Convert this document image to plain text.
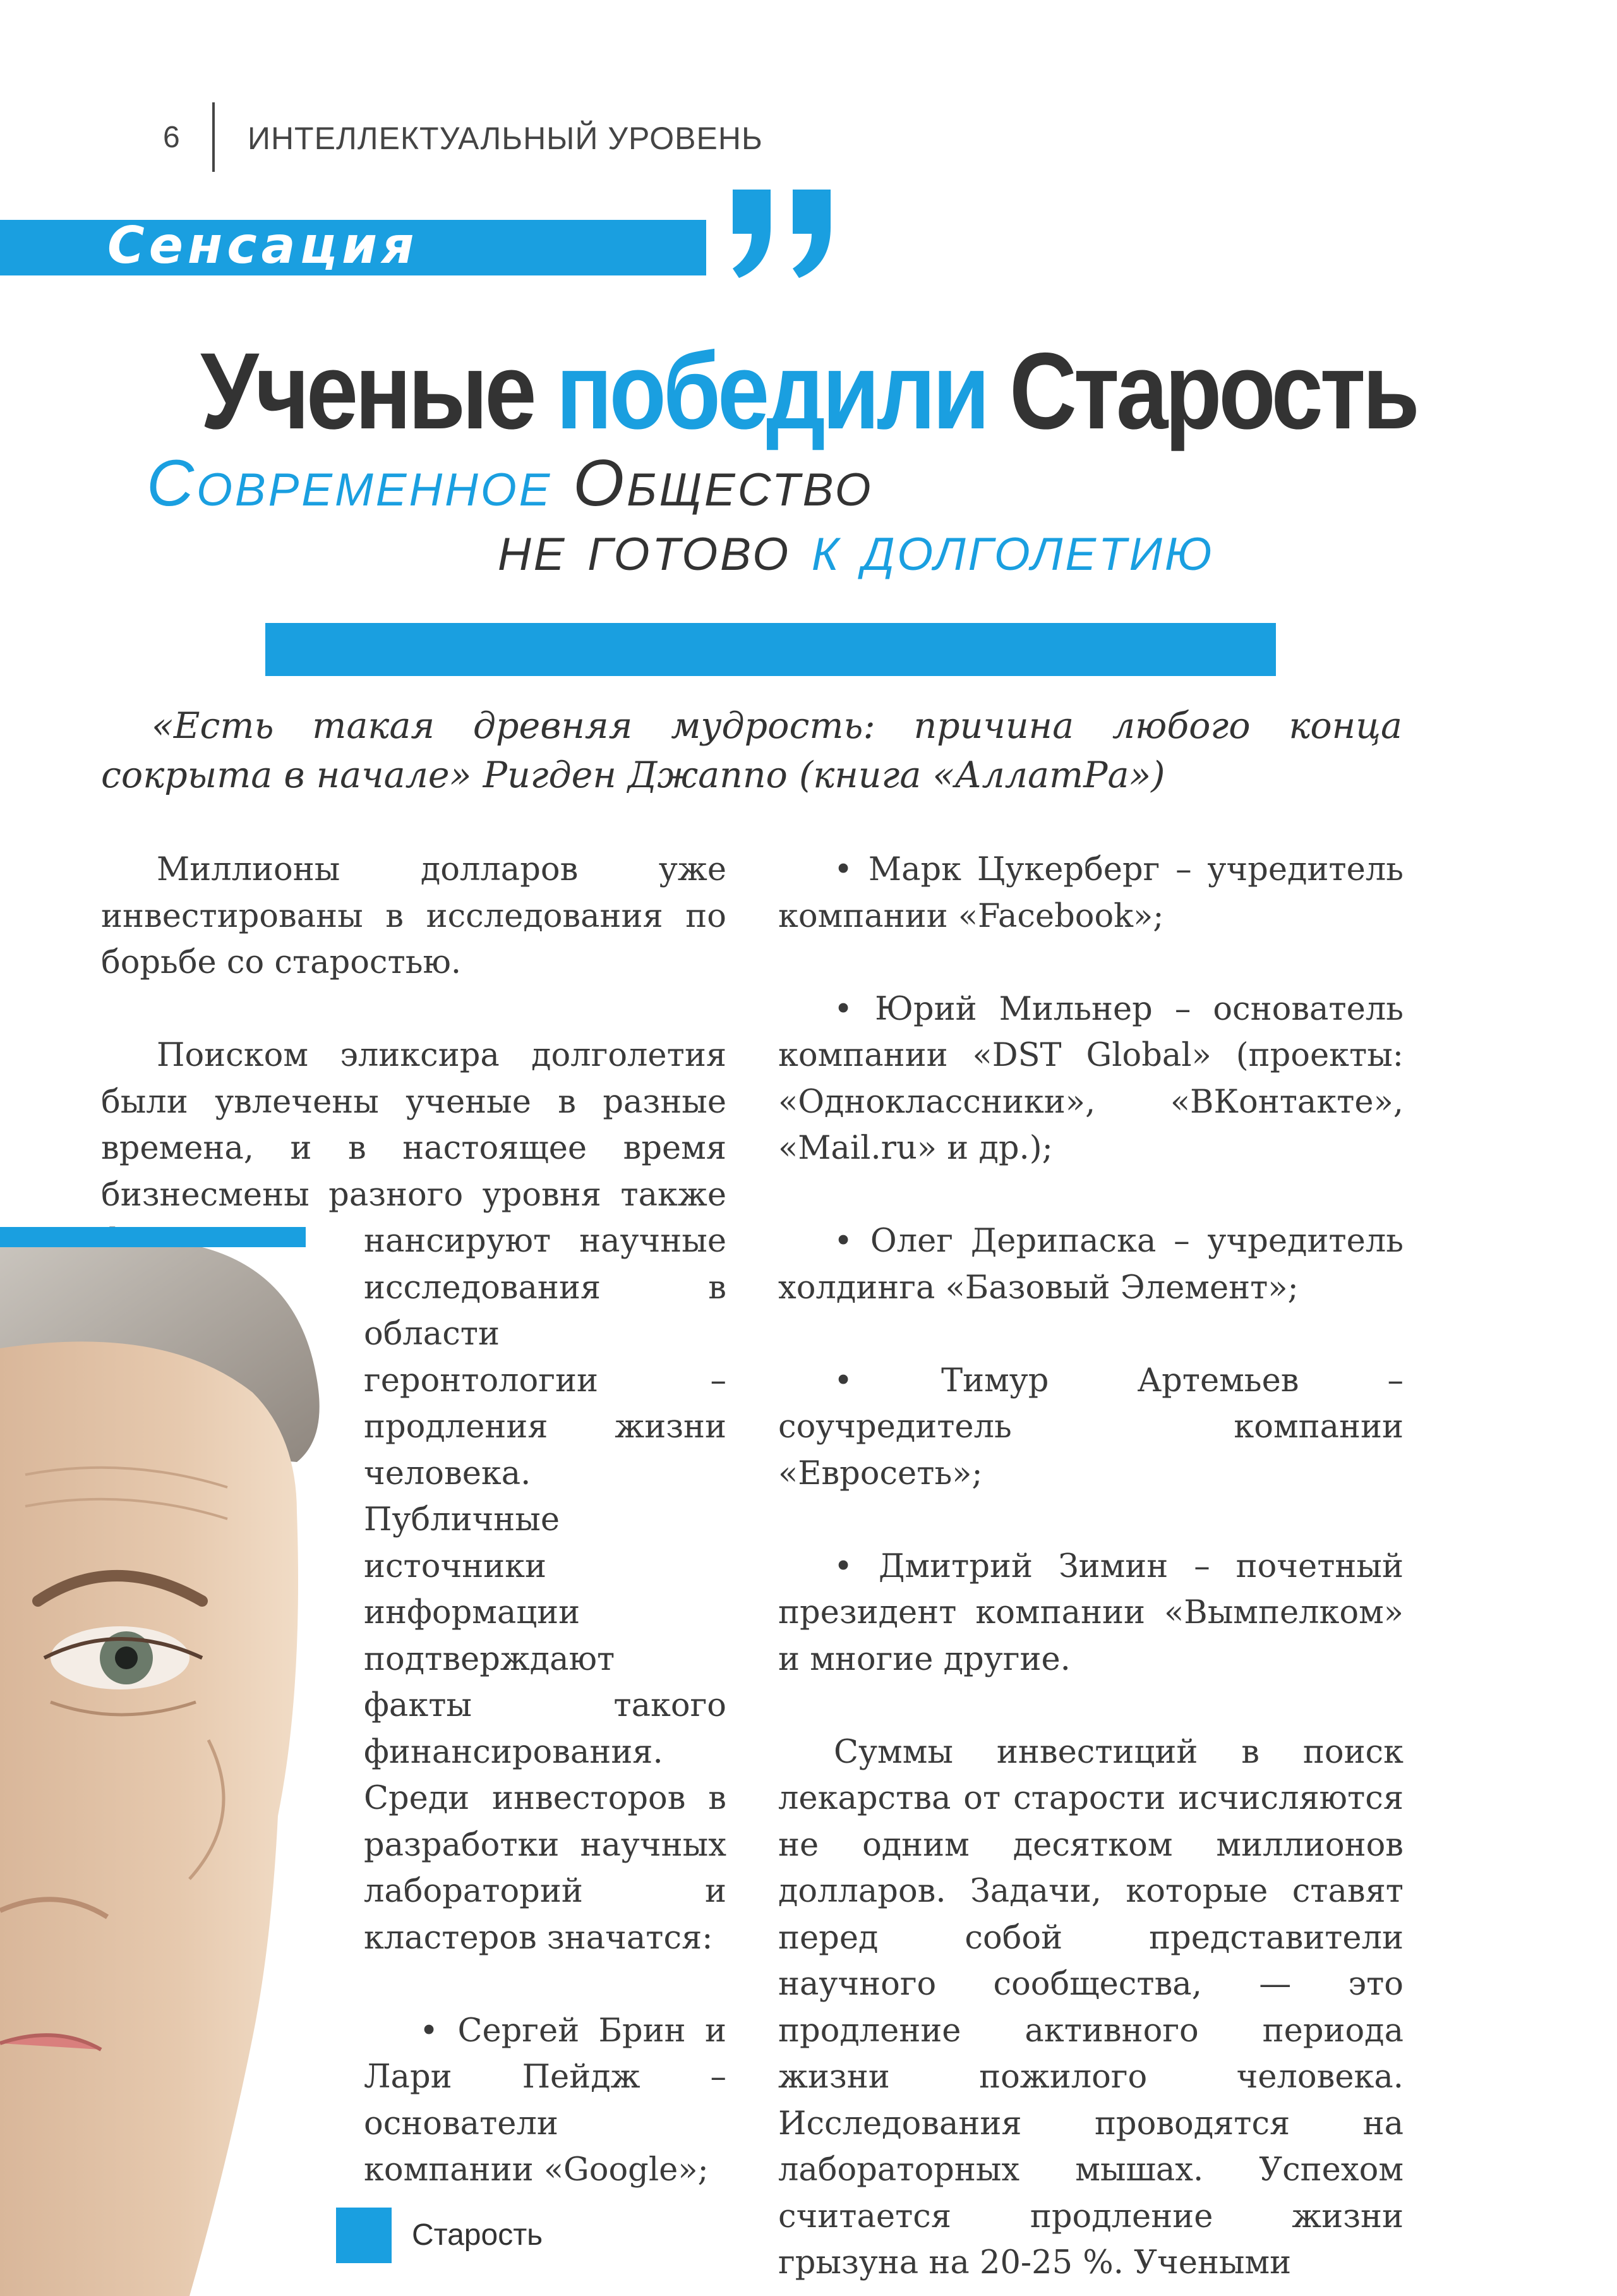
6 ИНТЕЛЛЕКТУАЛЬНЫЙ УРОВЕНЬ
Сенсация
Ученые победили Старость
Современное Общество
не готово к долголетию
«Есть такая древняя мудрость: причина любого конца сокрыта в начале» Ригден Джаппо (книга «АллатРа»)

Миллионы долларов уже инвестированы в исследования по борьбе со старостью.

Поиском эликсира долголетия были увлечены ученые в разные времена, и в настоящее время бизнесмены разного уровня также

нансируют научные исследования в области геронтологии – продления жизни человека. Публичные источники информации подтверждают факты такого финансирования. Среди инвесторов в разработки научных лабораторий и кластеров значатся:

• Сергей Брин и Лари Пейдж – основатели компании «Google»;

• Марк Цукерберг – учредитель компании «Facebook»;

• Юрий Мильнер – основатель компании «DST Global» (проекты: «Одноклассники», «ВКонтакте», «Mail.ru» и др.);

• Олег Дерипаска – учредитель холдинга «Базовый Элемент»;

• Тимур Артемьев – соучредитель компании «Евросеть»;

• Дмитрий Зимин – почетный президент компании «Вымпелком» и многие другие.

Суммы инвестиций в поиск лекарства от старости исчисляются не одним десятком миллионов долларов. Задачи, которые ставят перед собой представители научного сообщества, — это продление активного периода жизни пожилого человека. Исследования проводятся на лабораторных мышах. Успехом считается продление жизни грызуна на 20-25 %. Учеными

Старость
